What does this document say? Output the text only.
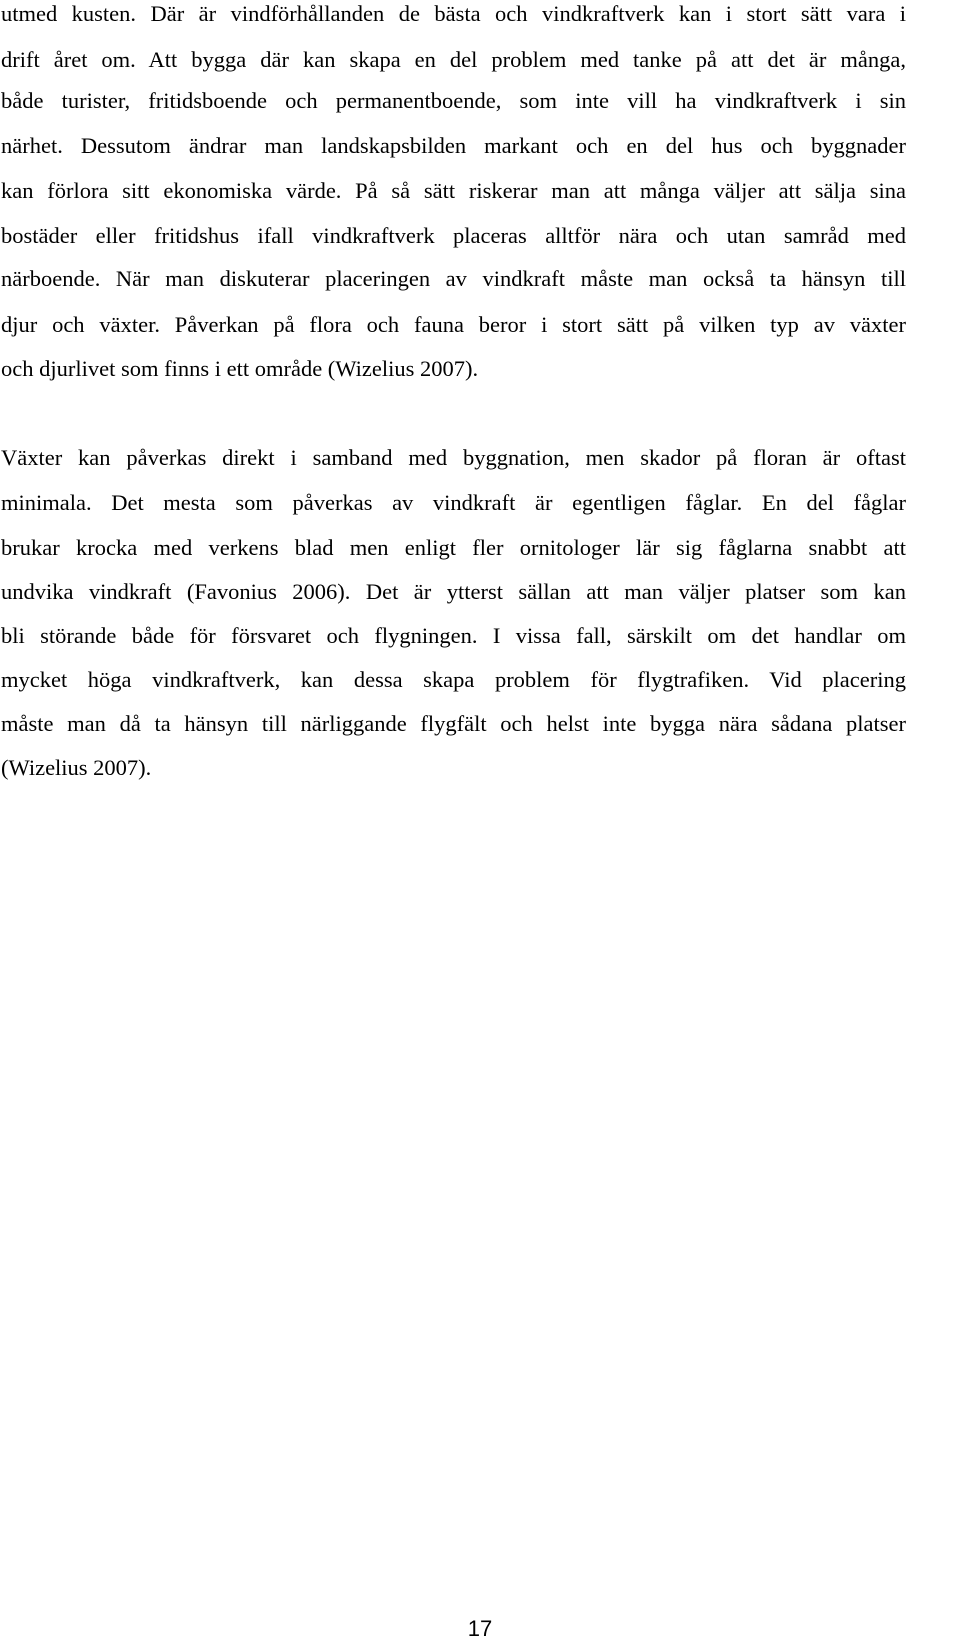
utmed kusten. Där är vindförhållanden de bästa och vindkraftverk kan i stort sätt vara i
drift året om. Att bygga där kan skapa en del problem med tanke på att det är många,
både turister, fritidsboende och permanentboende, som inte vill ha vindkraftverk i sin
närhet. Dessutom ändrar man landskapsbilden markant och en del hus och byggnader
kan förlora sitt ekonomiska värde. På så sätt riskerar man att många väljer att sälja sina
bostäder eller fritidshus ifall vindkraftverk placeras alltför nära och utan samråd med
närboende. När man diskuterar placeringen av vindkraft måste man också ta hänsyn till
djur och växter. Påverkan på flora och fauna beror i stort sätt på vilken typ av växter
och djurlivet som finns i ett område (Wizelius 2007).
Växter kan påverkas direkt i samband med byggnation, men skador på floran är oftast
minimala. Det mesta som påverkas av vindkraft är egentligen fåglar. En del fåglar
brukar krocka med verkens blad men enligt fler ornitologer lär sig fåglarna snabbt att
undvika vindkraft (Favonius 2006). Det är ytterst sällan att man väljer platser som kan
bli störande både för försvaret och flygningen. I vissa fall, särskilt om det handlar om
mycket höga vindkraftverk, kan dessa skapa problem för flygtrafiken. Vid placering
måste man då ta hänsyn till närliggande flygfält och helst inte bygga nära sådana platser
(Wizelius 2007).
17
